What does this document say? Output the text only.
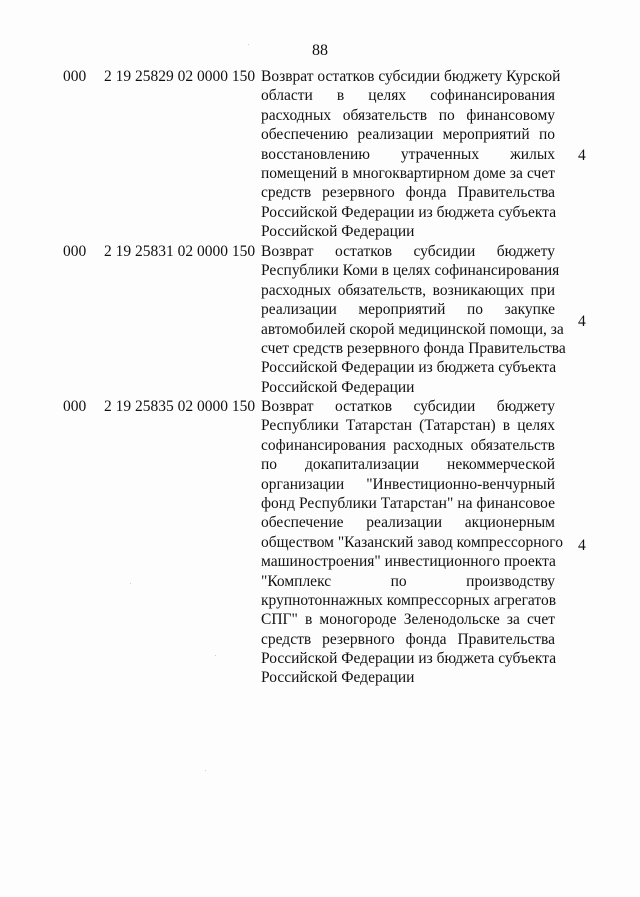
88
000 2 19 25829 02 0000 150 Возврат остатков субсидии бюджету Курской
области в целях софинансирования
расходных обязательств по финансовому
обеспечению реализации мероприятий по
восстановлению утраченных жилых
помещений в многоквартирном доме за счет
средств резервного фонда Правительства
Российской Федерации из бюджета субъекта
Российской Федерации
4
000 2 19 25831 02 0000 150 Возврат остатков субсидии бюджету
Республики Коми в целях софинансирования
расходных обязательств, возникающих при
реализации мероприятий по закупке
автомобилей скорой медицинской помощи, за
счет средств резервного фонда Правительства
Российской Федерации из бюджета субъекта
Российской Федерации
4
000 2 19 25835 02 0000 150 Возврат остатков субсидии бюджету
Республики Татарстан (Татарстан) в целях
софинансирования расходных обязательств
по докапитализации некоммерческой
организации "Инвестиционно-венчурный
фонд Республики Татарстан" на финансовое
обеспечение реализации акционерным
обществом "Казанский завод компрессорного
машиностроения" инвестиционного проекта
"Комплекс по производству
крупнотоннажных компрессорных агрегатов
СПГ" в моногороде Зеленодольске за счет
средств резервного фонда Правительства
Российской Федерации из бюджета субъекта
Российской Федерации
4
